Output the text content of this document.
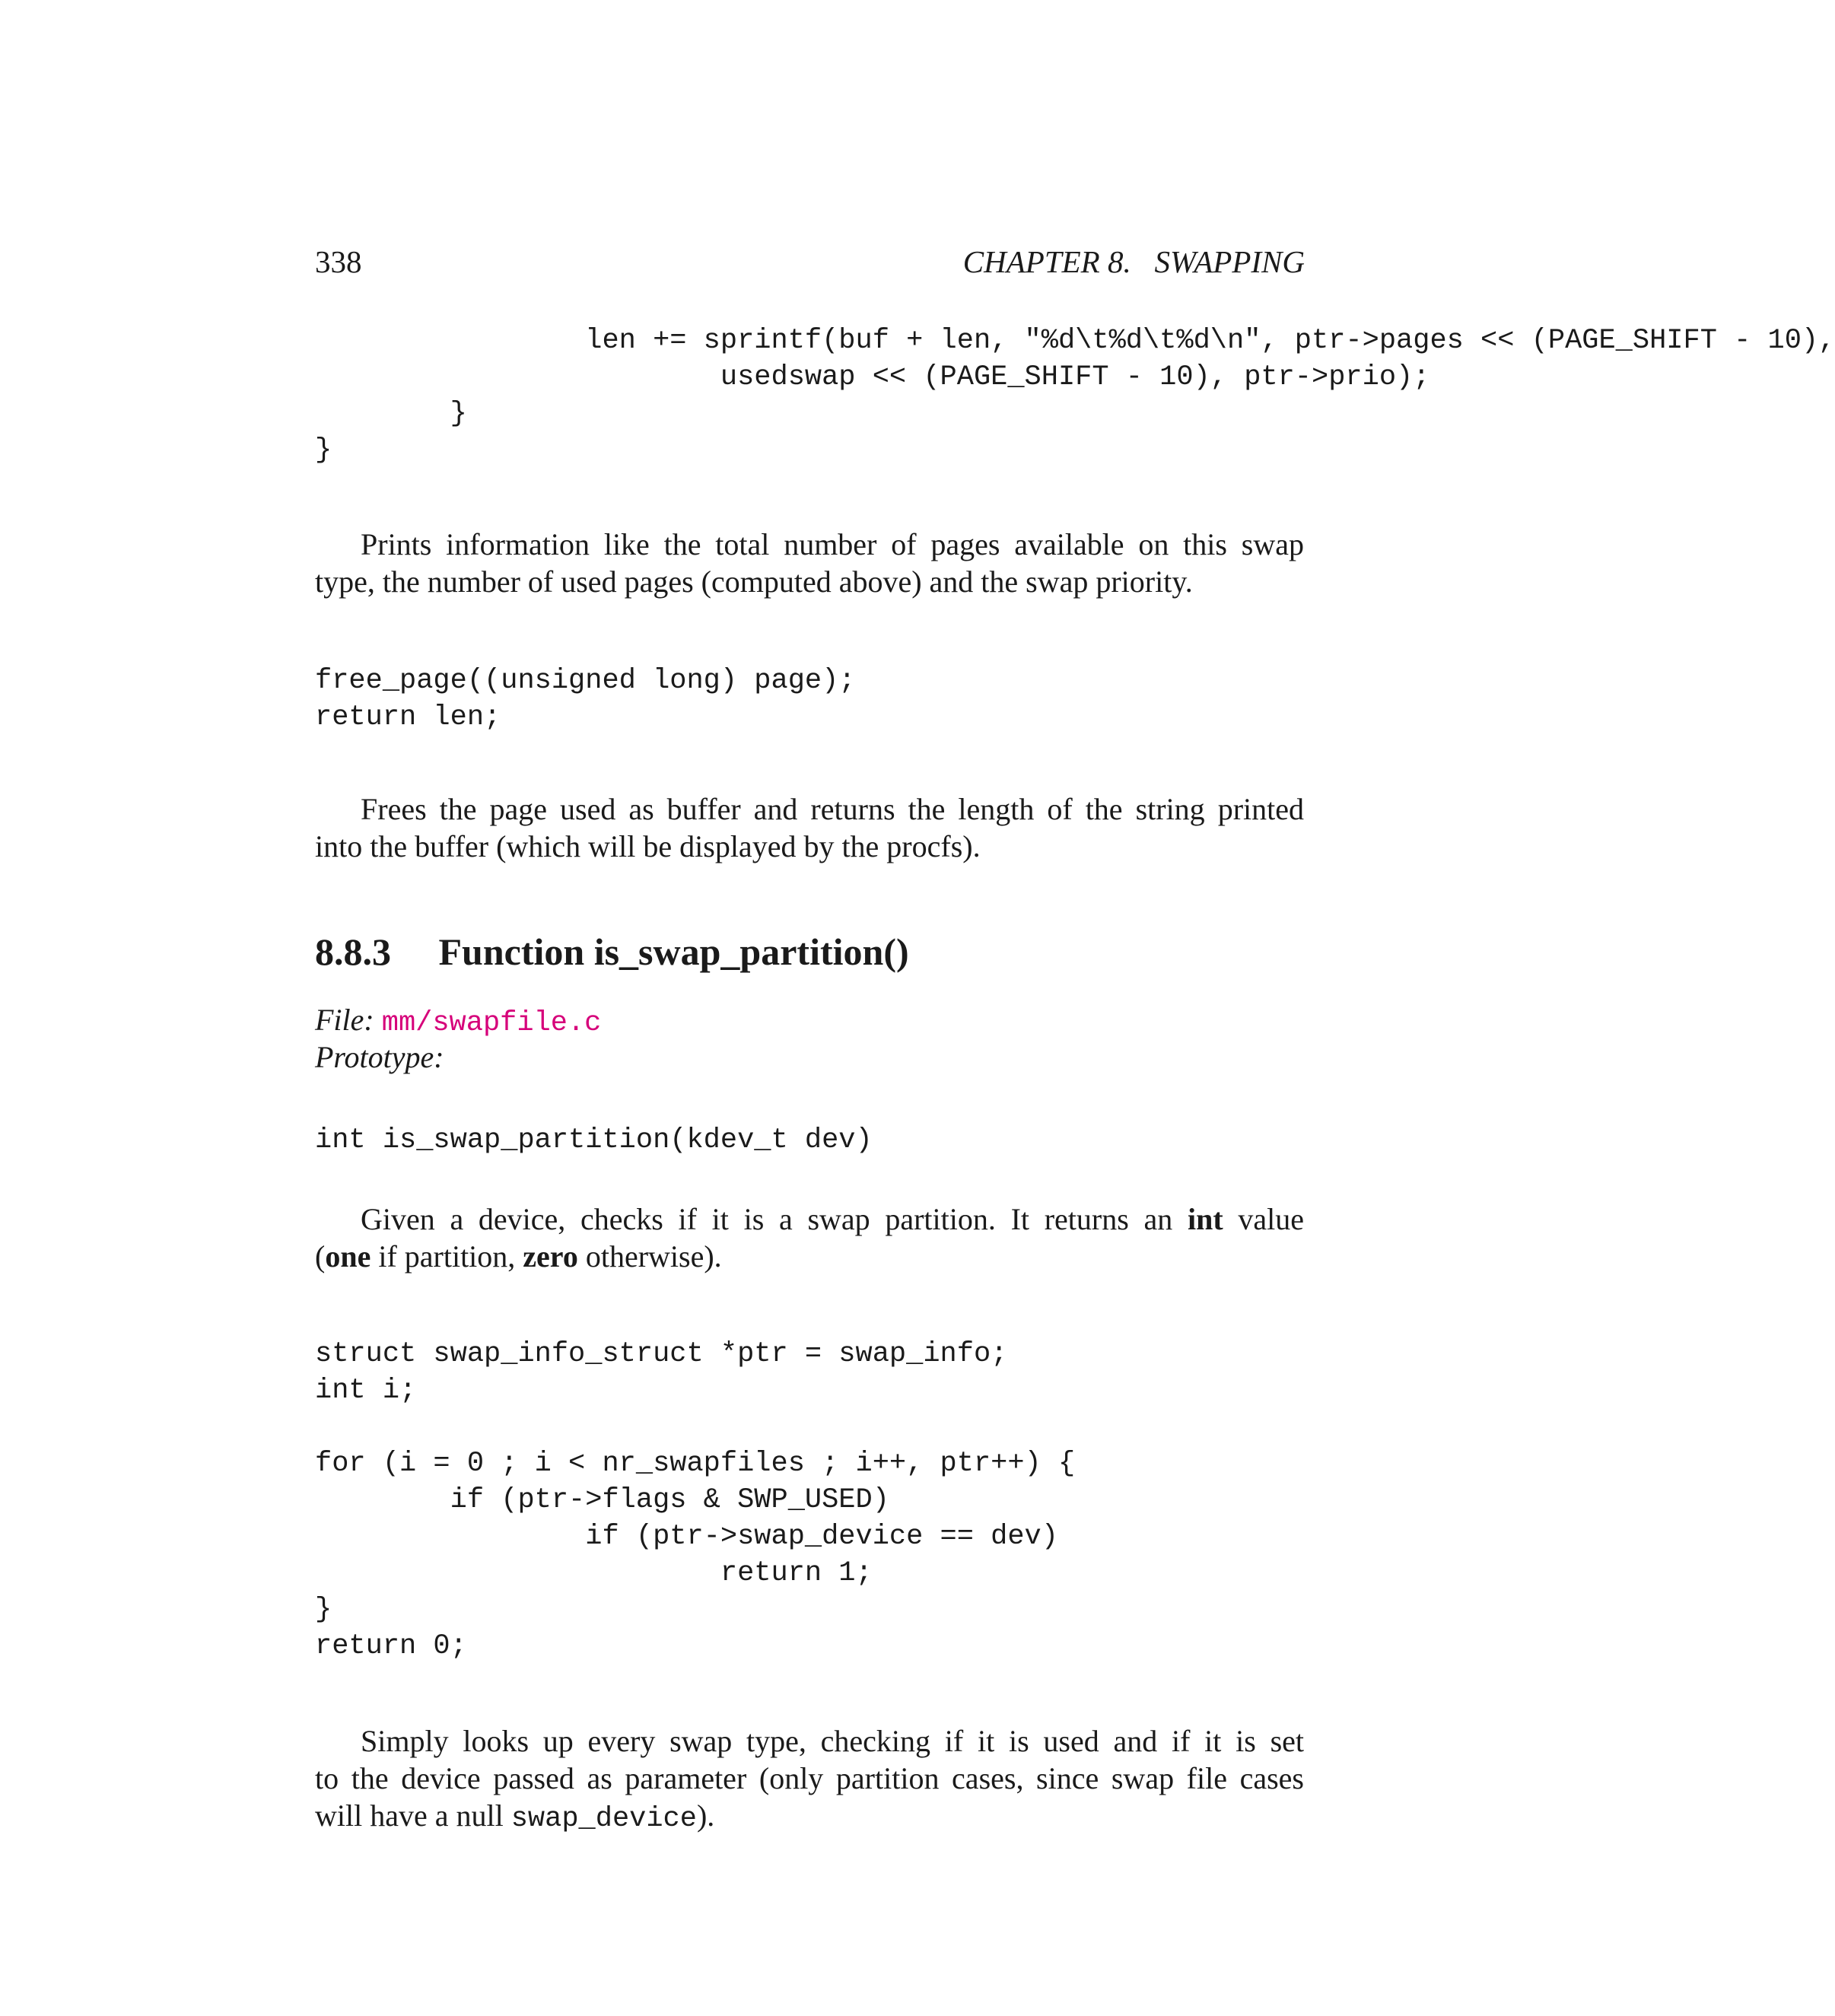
338	CHAPTER 8.   SWAPPING
len += sprintf(buf + len, "%d\t%d\t%d\n", ptr->pages << (PAGE_SHIFT - 10),
usedswap << (PAGE_SHIFT - 10), ptr->prio);
}
}
Prints information like the total number of pages available on this swap
type, the number of used pages (computed above) and the swap priority.
free_page((unsigned long) page);
return len;
Frees the page used as buffer and returns the length of the string printed
into the buffer (which will be displayed by the procfs).
8.8.3 Function is_swap_partition()
File: mm/swapfile.c
Prototype:
int is_swap_partition(kdev_t dev)
Given a device, checks if it is a swap partition. It returns an int value
(one if partition, zero otherwise).
struct swap_info_struct *ptr = swap_info;
int i;
for (i = 0 ; i < nr_swapfiles ; i++, ptr++) {
if (ptr->flags & SWP_USED)
if (ptr->swap_device == dev)
return 1;
}
return 0;
Simply looks up every swap type, checking if it is used and if it is set
to the device passed as parameter (only partition cases, since swap file cases
will have a null swap_device).
